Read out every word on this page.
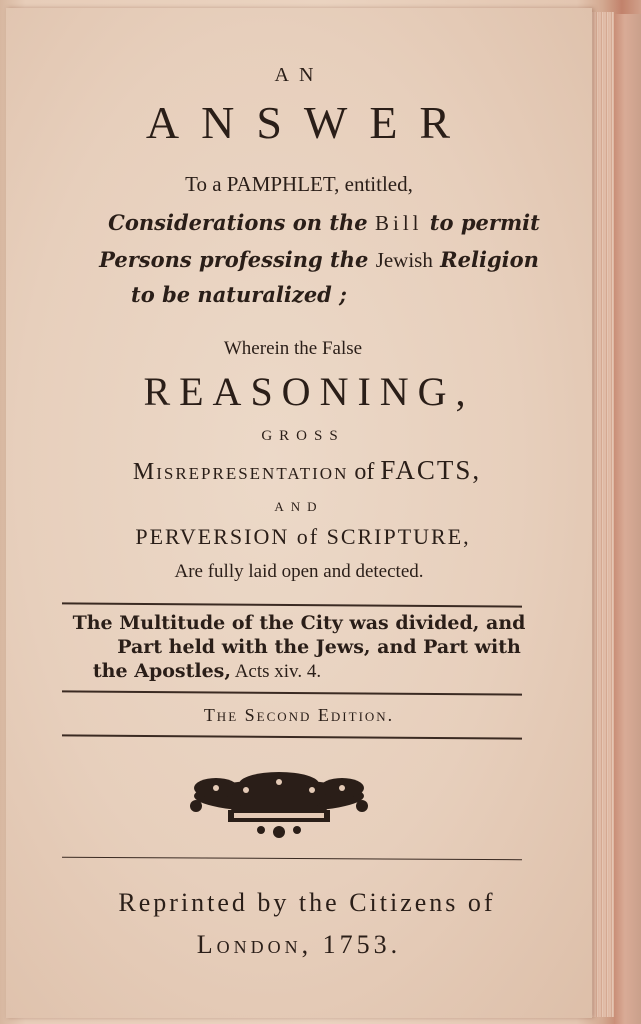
AN
ANSWER
To a PAMPHLET, entitled,
Considerations on the Bill to permit
Persons professing the Jewish Religion
to be naturalized ;
Wherein the False
REASONING,
GROSS
Misrepresentation of FACTS,
AND
PERVERSION of SCRIPTURE,
Are fully laid open and detected.
The Multitude of the City was divided, and
Part held with the Jews, and Part with
the Apostles, Acts xiv. 4.
The Second Edition.
Reprinted by the Citizens of
London, 1753.
